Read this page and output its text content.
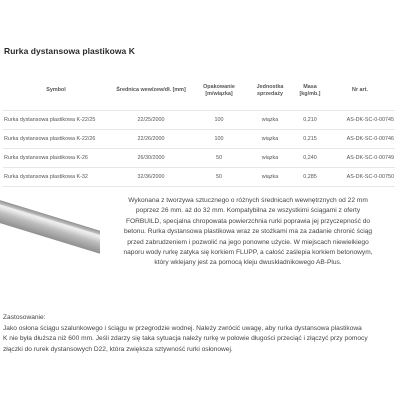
Rurka dystansowa plastikowa K
Symbol	Średnica wew/zew/dł. [mm]	Opakowanie [m/wiązka]	Jednostka sprzedaży	Masa [kg/mb.]	Nr art.
Rurka dystansowa plastikowa K-22/25	22/25/2000	100	wiązka	0,210	AS-DK-SC-0-00745
Rurka dystansowa plastikowa K-22/26	22/26/2000	100	wiązka	0,215	AS-DK-SC-0-00746
Rurka dystansowa plastikowa K-26	26/30/2000	50	wiązka	0,240	AS-DK-SC-0-00749
Rurka dystansowa plastikowa K-32	32/36/2000	50	wiązka	0,285	AS-DK-SC-0-00750
Wykonana z tworzywa sztucznego o różnych średnicach wewnętrznych od 22 mm
poprzez 26 mm. aż do 32 mm. Kompatybilna ze wszystkimi ściągami z oferty
FORBUILD, specjalna chropowata powierzchnia rurki poprawia jej przyczepność do
betonu. Rurka dystansowa plastikowa wraz ze stożkami ma za zadanie chronić ściąg
przed zabrudzeniem i pozwolić na jego ponowne użycie. W miejscach niewielkiego
naporu wody rurkę zatyka się korkiem FLUPP, a całość zaślepia korkiem betonowym,
który wklejany jest za pomocą kleju dwuskładnikowego AB-Plus.

Zastosowanie:

Jako osłona ściągu szalunkowego i ściągu w przegrodzie wodnej. Należy zwrócić uwagę, aby rurka dystansowa plastikowa
K nie była dłuższa niż 600 mm. Jeśli zdarzy się taka sytuacja należy rurkę w połowie długości przeciąć i złączyć przy pomocy
złączki do rurek dystansowych D22, która zwiększa sztywność rurki osłonowej.
